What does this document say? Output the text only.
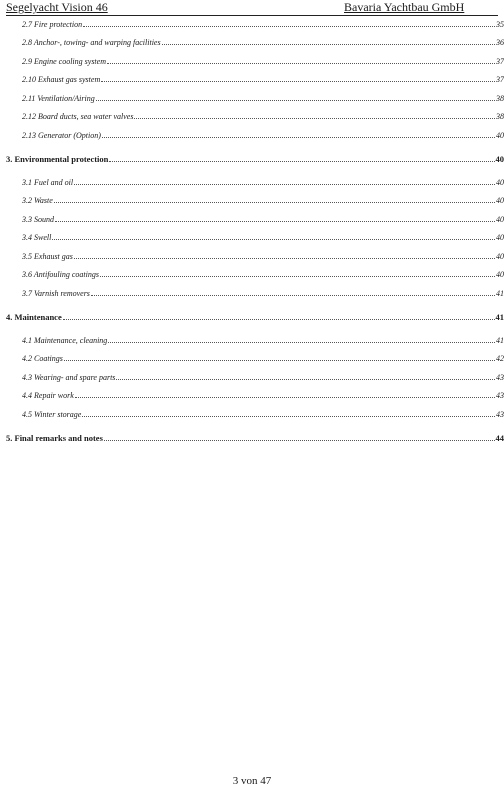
Segelyacht Vision 46	Bavaria Yachtbau GmbH
2.7 Fire protection	35
2.8 Anchor-, towing- and warping facilities	36
2.9 Engine cooling system	37
2.10 Exhaust gas system	37
2.11 Ventilation/Airing	38
2.12 Board ducts, sea water valves	38
2.13 Generator (Option)	40
3. Environmental protection	40
3.1 Fuel and oil	40
3.2 Waste	40
3.3 Sound	40
3.4 Swell	40
3.5 Exhaust gas	40
3.6 Antifouling coatings	40
3.7 Varnish removers	41
4. Maintenance	41
4.1 Maintenance, cleaning	41
4.2 Coatings	42
4.3 Wearing- and spare parts	43
4.4 Repair work	43
4.5 Winter storage	43
5. Final remarks and notes	44
3 von 47
